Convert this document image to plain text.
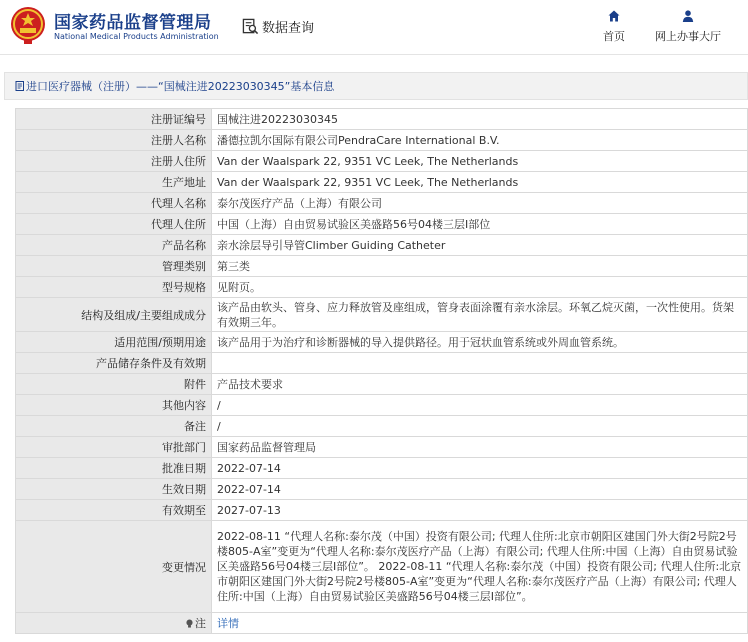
国家药品监督管理局
National Medical Products Administration
数据查询
首页	网上办事大厅
进口医疗器械（注册）——“国械注进20223030345”基本信息
注册证编号	国械注进20223030345
注册人名称	潘德拉凯尔国际有限公司PendraCare International B.V.
注册人住所	Van der Waalspark 22, 9351 VC Leek, The Netherlands
生产地址	Van der Waalspark 22, 9351 VC Leek, The Netherlands
代理人名称	泰尔茂医疗产品（上海）有限公司
代理人住所	中国（上海）自由贸易试验区美盛路56号04楼三层I部位
产品名称	亲水涂层导引导管Climber Guiding Catheter
管理类别	第三类
型号规格	见附页。
结构及组成/主要组成成分	该产品由软头、管身、应力释放管及座组成，管身表面涂覆有亲水涂层。环氧乙烷灭菌，一次性使用。货架有效期三年。
适用范围/预期用途	该产品用于为治疗和诊断器械的导入提供路径。用于冠状血管系统或外周血管系统。
产品储存条件及有效期	
附件	产品技术要求
其他内容	/
备注	/
审批部门	国家药品监督管理局
批准日期	2022-07-14
生效日期	2022-07-14
有效期至	2027-07-13
变更情况	2022-08-11 “代理人名称:泰尔茂（中国）投资有限公司; 代理人住所:北京市朝阳区建国门外大街2号院2号楼805-A室”变更为“代理人名称:泰尔茂医疗产品（上海）有限公司; 代理人住所:中国（上海）自由贸易试验区美盛路56号04楼三层I部位”。 2022-08-11 “代理人名称:泰尔茂（中国）投资有限公司; 代理人住所:北京市朝阳区建国门外大街2号院2号楼805-A室”变更为“代理人名称:泰尔茂医疗产品（上海）有限公司; 代理人住所:中国（上海）自由贸易试验区美盛路56号04楼三层I部位”。
注	详情
